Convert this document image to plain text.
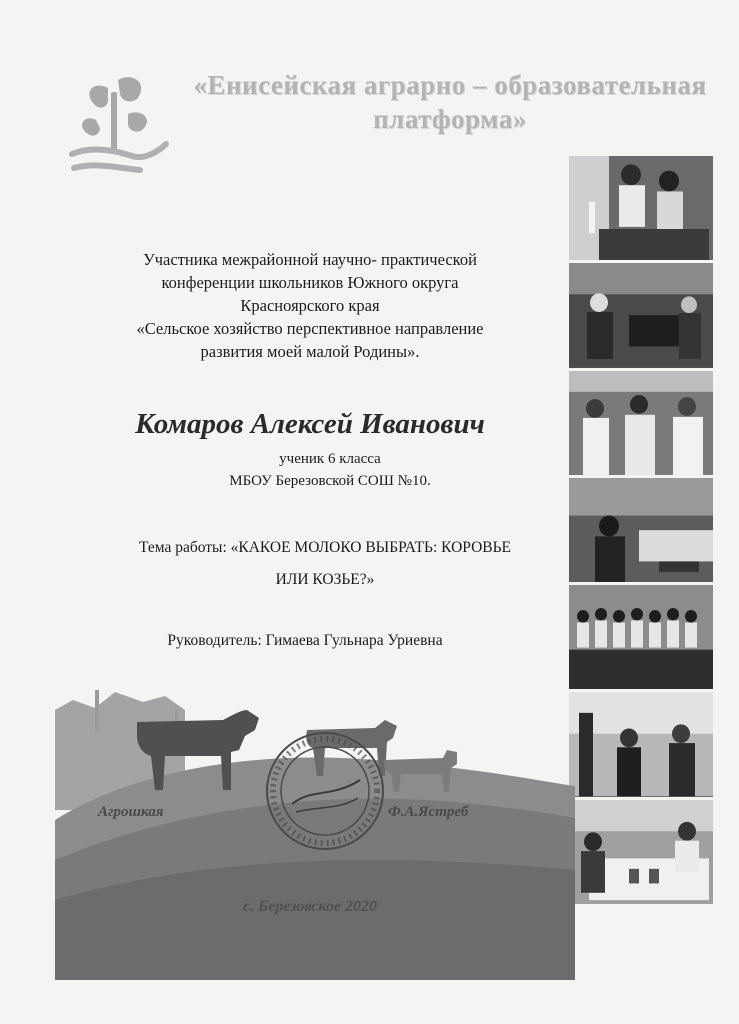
«Енисейская аграрно – образовательная
платформа»
Участника межрайонной научно- практической
конференции школьников Южного округа
Красноярского края
«Сельское хозяйство перспективное направление
развития моей малой Родины».
Комаров Алексей Иванович
ученик 6 класса
МБОУ Березовской СОШ №10.
Тема работы: «КАКОЕ МОЛОКО ВЫБРАТЬ: КОРОВЬЕ
ИЛИ КОЗЬЕ?»
Руководитель: Гимаева Гульнара Уриевна
Агрошкая	Ф.А.Ястреб
с. Березовское 2020
